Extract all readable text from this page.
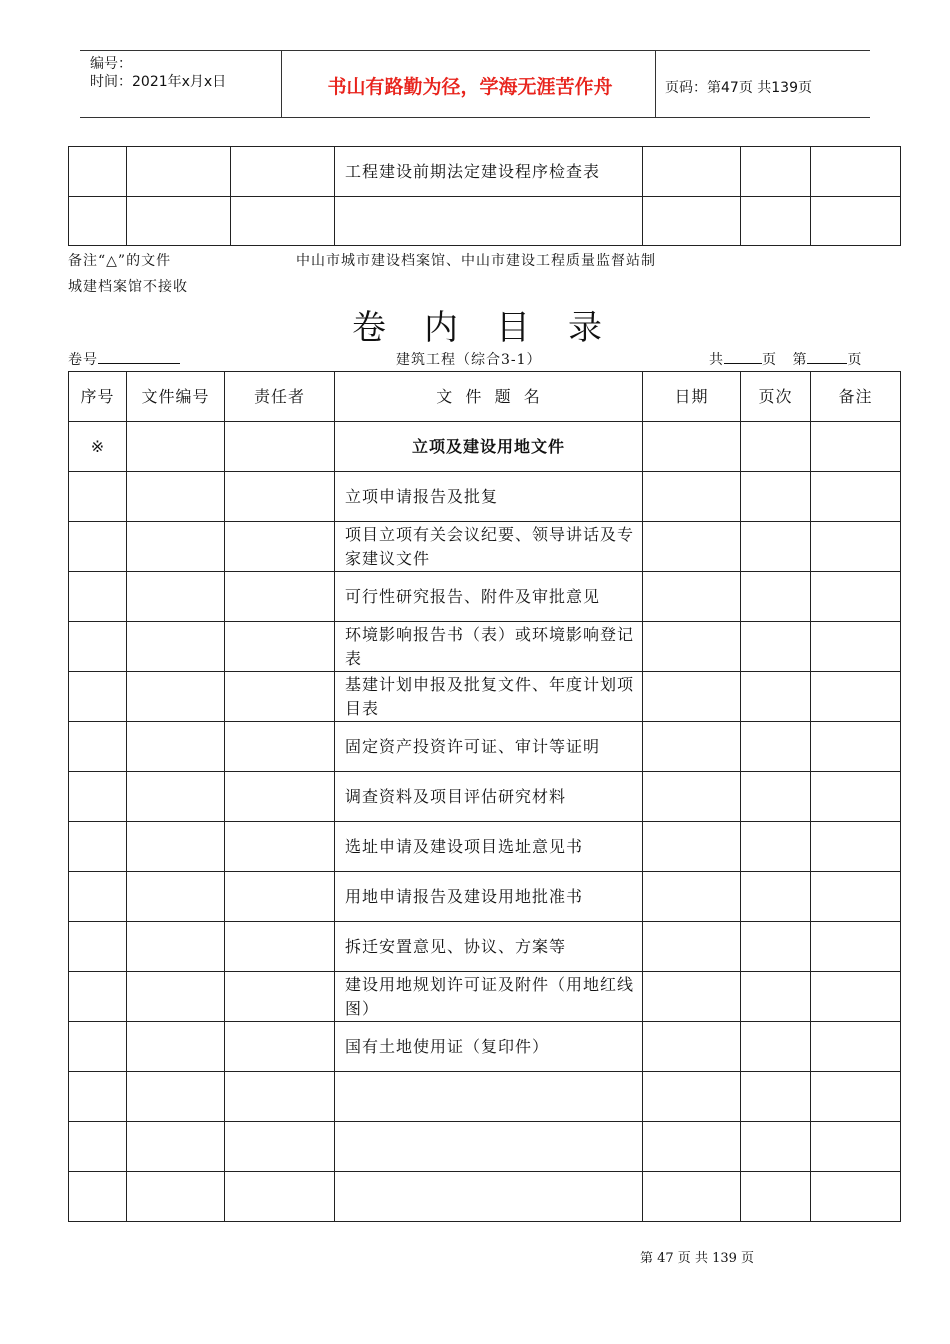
编号：
时间：2021年x月x日	书山有路勤为径，学海无涯苦作舟	页码：第47页 共139页
			工程建设前期法定建设程序检查表			

备注“△”的文件
城建档案馆不接收
中山市城市建设档案馆、中山市建设工程质量监督站制
卷内目录
卷号	建筑工程（综合3-1）	共	页 第	页
序号	文件编号	责任者	文  件  题  名	日期	页次	备注
※			立项及建设用地文件			
			立项申请报告及批复			
			项目立项有关会议纪要、领导讲话及专家建议文件			
			可行性研究报告、附件及审批意见			
			环境影响报告书（表）或环境影响登记表			
			基建计划申报及批复文件、年度计划项目表			
			固定资产投资许可证、审计等证明			
			调查资料及项目评估研究材料			
			选址申请及建设项目选址意见书			
			用地申请报告及建设用地批准书			
			拆迁安置意见、协议、方案等			
			建设用地规划许可证及附件（用地红线图）			
			国有土地使用证（复印件）			

第 47 页 共 139 页
